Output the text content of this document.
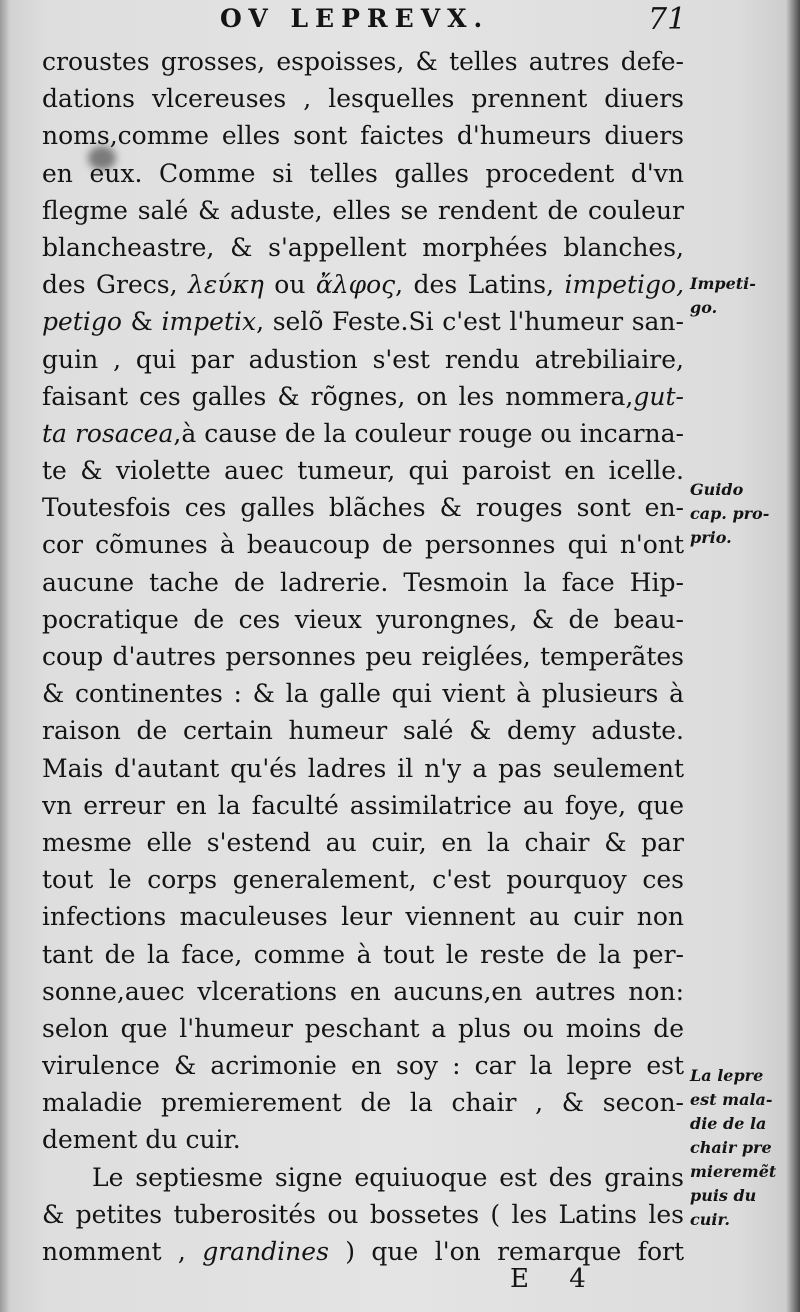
OV LEPREVX.	71
croustes grosses, espoisses, & telles autres defe-
dations vlcereuses , lesquelles prennent diuers
noms,comme elles sont faictes d'humeurs diuers
en eux. Comme si telles galles procedent d'vn
flegme salé & aduste, elles se rendent de couleur
blancheastre, & s'appellent morphées blanches,
des Grecs, λεύκη ou ἄλφος, des Latins, impetigo,
petigo & impetix, selõ Feste.Si c'est l'humeur san-
guin , qui par adustion s'est rendu atrebiliaire,
faisant ces galles & rõgnes, on les nommera,gut-
ta rosacea,à cause de la couleur rouge ou incarna-
te & violette auec tumeur, qui paroist en icelle.
Toutesfois ces galles blãches & rouges sont en-
cor cõmunes à beaucoup de personnes qui n'ont
aucune tache de ladrerie. Tesmoin la face Hip-
pocratique de ces vieux yurongnes, & de beau-
coup d'autres personnes peu reiglées, temperãtes
& continentes : & la galle qui vient à plusieurs à
raison de certain humeur salé & demy aduste.
Mais d'autant qu'és ladres il n'y a pas seulement
vn erreur en la faculté assimilatrice au foye, que
mesme elle s'estend au cuir, en la chair & par
tout le corps generalement, c'est pourquoy ces
infections maculeuses leur viennent au cuir non
tant de la face, comme à tout le reste de la per-
sonne,auec vlcerations en aucuns,en autres non:
selon que l'humeur peschant a plus ou moins de
virulence & acrimonie en soy : car la lepre est
maladie premierement de la chair , & secon-
dement du cuir.
Le septiesme signe equiuoque est des grains
& petites tuberosités ou bossetes ( les Latins les
nomment , grandines ) que l'on remarque fort
Impeti-
go.
Guido
cap. pro-
prio.
La lepre
est mala-
die de la
chair pre
mieremẽt
puis du
cuir.
E 4
